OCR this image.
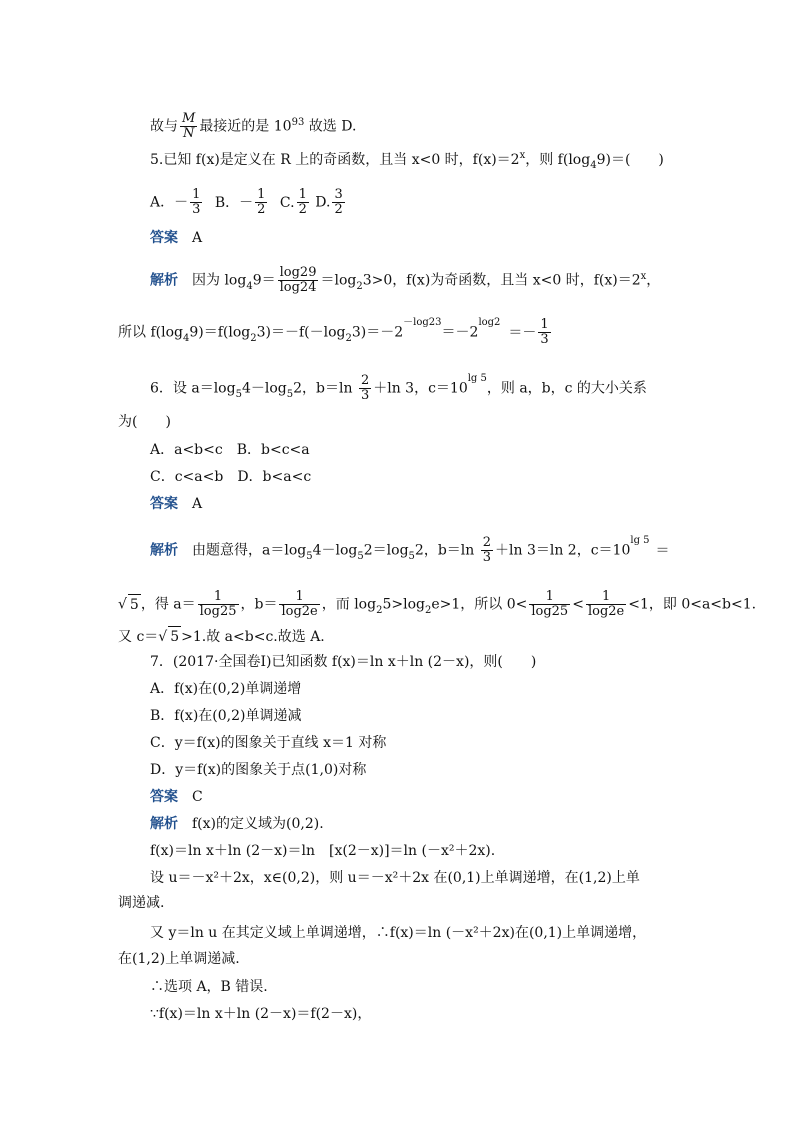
故与 $\frac{M}{N}$ 最接近的是 $10^{93}$ 故选 D.
5.已知 f(x)是定义在 R 上的奇函数，且当 x<0 时，$f(x)=2^x$，则 $f(\log_49)=$(　　)
A．－ $\frac{1}{3}$ B．－ $\frac{1}{2} C$. $\frac{1}{2} D$. $\frac{3}{2}$
答案　 A
解析　 因为 $\log_49= \frac{\log 29}{\log 24} =\log_23>0$，f(x)为奇函数，且当 x<0 时，$f(x)=2^x$，
所以 $f(\log_49)=f(\log_23)=-f(-\log_23)=-2^{-log23}=-2^{log2}=- \frac{1}{3}$
6．设 $a=\log_54-\log_52$，$b=\ln \frac{2}{3} +\ln$ 3，$c=10^{lg 5}$，则 a，b，c 的大小关系
为(　　)
A．a<b<c　B．b<c<a
C．c<a<b　D．b<a<c
答案　 A
解析　 由题意得，$a=\log_54-\log_52=\log_52$，$b=\ln \frac{2}{3} +\ln$ 3＝ln 2，$c=10^{lg 5}=$
√ 5 ，得 $a= \frac{1}{\log 25}$ ，$b= \frac{1}{\log 2e}$ ，而 $\log_25>\log_2e>1$，所以 $0< \frac{1}{\log 25} < \frac{1}{\log 2e} <1$，即 0<a<b<1.
又 c＝√ 5 >1.故 a<b<c.故选 A.
7．(2017·全国卷Ⅰ)已知函数 f(x)＝ln x＋ln (2－x)，则(　　)
A．f(x)在(0,2)单调递增
B．f(x)在(0,2)单调递减
C．y＝f(x)的图象关于直线 x＝1 对称
D．y＝f(x)的图象关于点(1,0)对称
答案　 C
解析　 f(x)的定义域为(0,2).
f(x)＝ln x＋ln (2－x)＝ln　[x(2－x)]＝ln (－x²＋2x).
设 u＝－x²＋2x，x∈(0,2)，则 u＝－x²＋2x 在(0,1)上单调递增，在(1,2)上单
调递减.
又 y＝ln u 在其定义域上单调递增，∴f(x)＝ln (－x²＋2x)在(0,1)上单调递增，
在(1,2)上单调递减.
∴选项 A，B 错误.
∵f(x)＝ln x＋ln (2－x)＝f(2－x)，
